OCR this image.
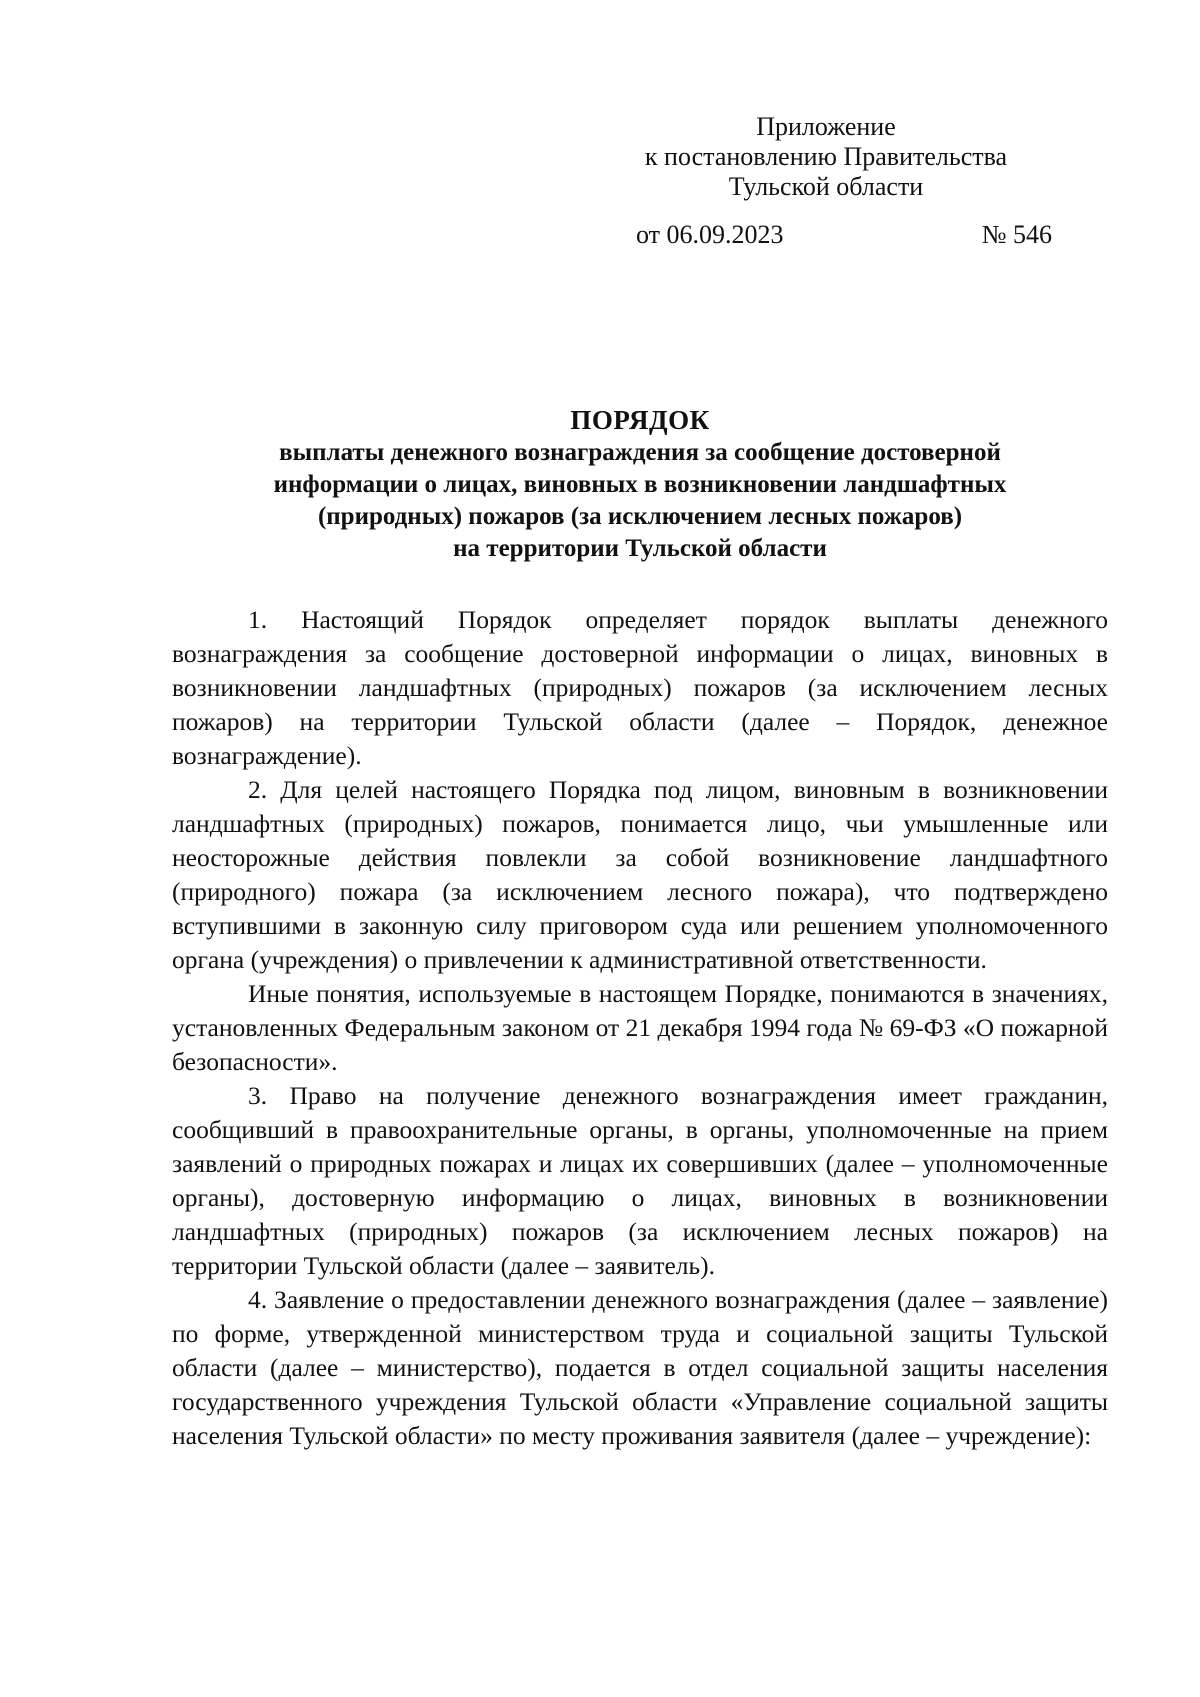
Приложение
к постановлению Правительства
Тульской области
от 06.09.2023	№ 546
ПОРЯДОК
выплаты денежного вознаграждения за сообщение достоверной
информации о лицах, виновных в возникновении ландшафтных
(природных) пожаров (за исключением лесных пожаров)
на территории Тульской области

1. Настоящий Порядок определяет порядок выплаты денежного вознаграждения за сообщение достоверной информации о лицах, виновных в возникновении ландшафтных (природных) пожаров (за исключением лесных пожаров) на территории Тульской области (далее – Порядок, денежное вознаграждение).

2. Для целей настоящего Порядка под лицом, виновным в возникновении ландшафтных (природных) пожаров, понимается лицо, чьи умышленные или неосторожные действия повлекли за собой возникновение ландшафтного (природного) пожара (за исключением лесного пожара), что подтверждено вступившими в законную силу приговором суда или решением уполномоченного органа (учреждения) о привлечении к административной ответственности.

Иные понятия, используемые в настоящем Порядке, понимаются в значениях, установленных Федеральным законом от 21 декабря 1994 года № 69-ФЗ «О пожарной безопасности».

3. Право на получение денежного вознаграждения имеет гражданин, сообщивший в правоохранительные органы, в органы, уполномоченные на прием заявлений о природных пожарах и лицах их совершивших (далее – уполномоченные органы), достоверную информацию о лицах, виновных в возникновении ландшафтных (природных) пожаров (за исключением лесных пожаров) на территории Тульской области (далее – заявитель).

4. Заявление о предоставлении денежного вознаграждения (далее – заявление) по форме, утвержденной министерством труда и социальной защиты Тульской области (далее – министерство), подается в отдел социальной защиты населения государственного учреждения Тульской области «Управление социальной защиты населения Тульской области» по месту проживания заявителя (далее – учреждение):
